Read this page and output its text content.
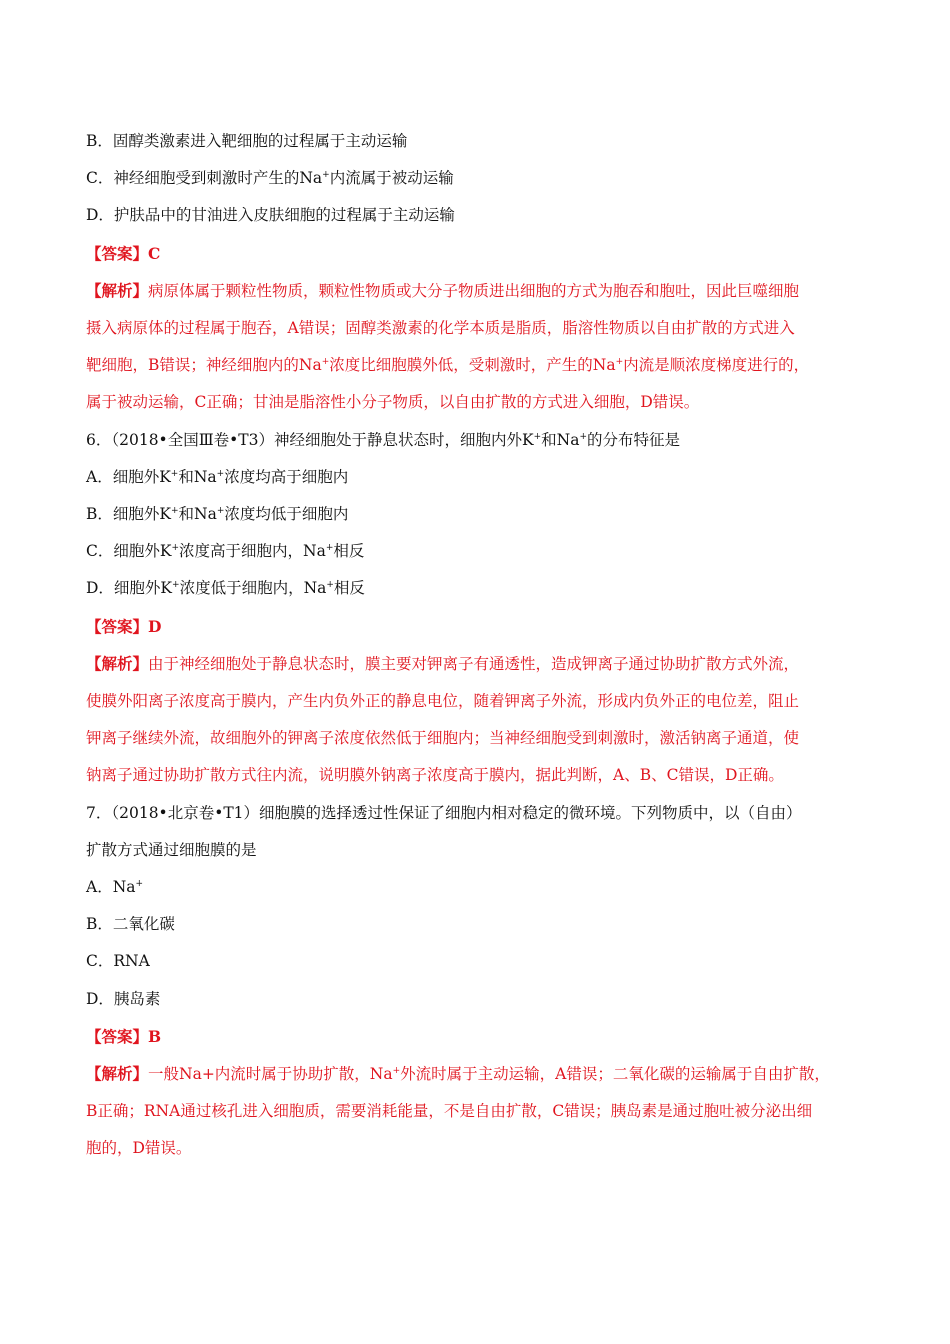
B．固醇类激素进入靶细胞的过程属于主动运输
C．神经细胞受到刺激时产生的Na+内流属于被动运输
D．护肤品中的甘油进入皮肤细胞的过程属于主动运输
【答案】C
【解析】病原体属于颗粒性物质，颗粒性物质或大分子物质进出细胞的方式为胞吞和胞吐，因此巨噬细胞
摄入病原体的过程属于胞吞，A错误；固醇类激素的化学本质是脂质，脂溶性物质以自由扩散的方式进入
靶细胞，B错误；神经细胞内的Na+浓度比细胞膜外低，受刺激时，产生的Na+内流是顺浓度梯度进行的，
属于被动运输，C正确；甘油是脂溶性小分子物质，以自由扩散的方式进入细胞，D错误。
6．（2018•全国Ⅲ卷•T3）神经细胞处于静息状态时，细胞内外K+和Na+的分布特征是
A．细胞外K+和Na+浓度均高于细胞内
B．细胞外K+和Na+浓度均低于细胞内
C．细胞外K+浓度高于细胞内，Na+相反
D．细胞外K+浓度低于细胞内，Na+相反
【答案】D
【解析】由于神经细胞处于静息状态时，膜主要对钾离子有通透性，造成钾离子通过协助扩散方式外流，
使膜外阳离子浓度高于膜内，产生内负外正的静息电位，随着钾离子外流，形成内负外正的电位差，阻止
钾离子继续外流，故细胞外的钾离子浓度依然低于细胞内；当神经细胞受到刺激时，激活钠离子通道，使
钠离子通过协助扩散方式往内流，说明膜外钠离子浓度高于膜内，据此判断，A、B、C错误，D正确。
7．（2018•北京卷•T1）细胞膜的选择透过性保证了细胞内相对稳定的微环境。下列物质中，以（自由）
扩散方式通过细胞膜的是
A．Na+
B．二氧化碳
C．RNA
D．胰岛素
【答案】B
【解析】一般Na+内流时属于协助扩散，Na+外流时属于主动运输，A错误；二氧化碳的运输属于自由扩散，
B正确；RNA通过核孔进入细胞质，需要消耗能量，不是自由扩散，C错误；胰岛素是通过胞吐被分泌出细
胞的，D错误。
